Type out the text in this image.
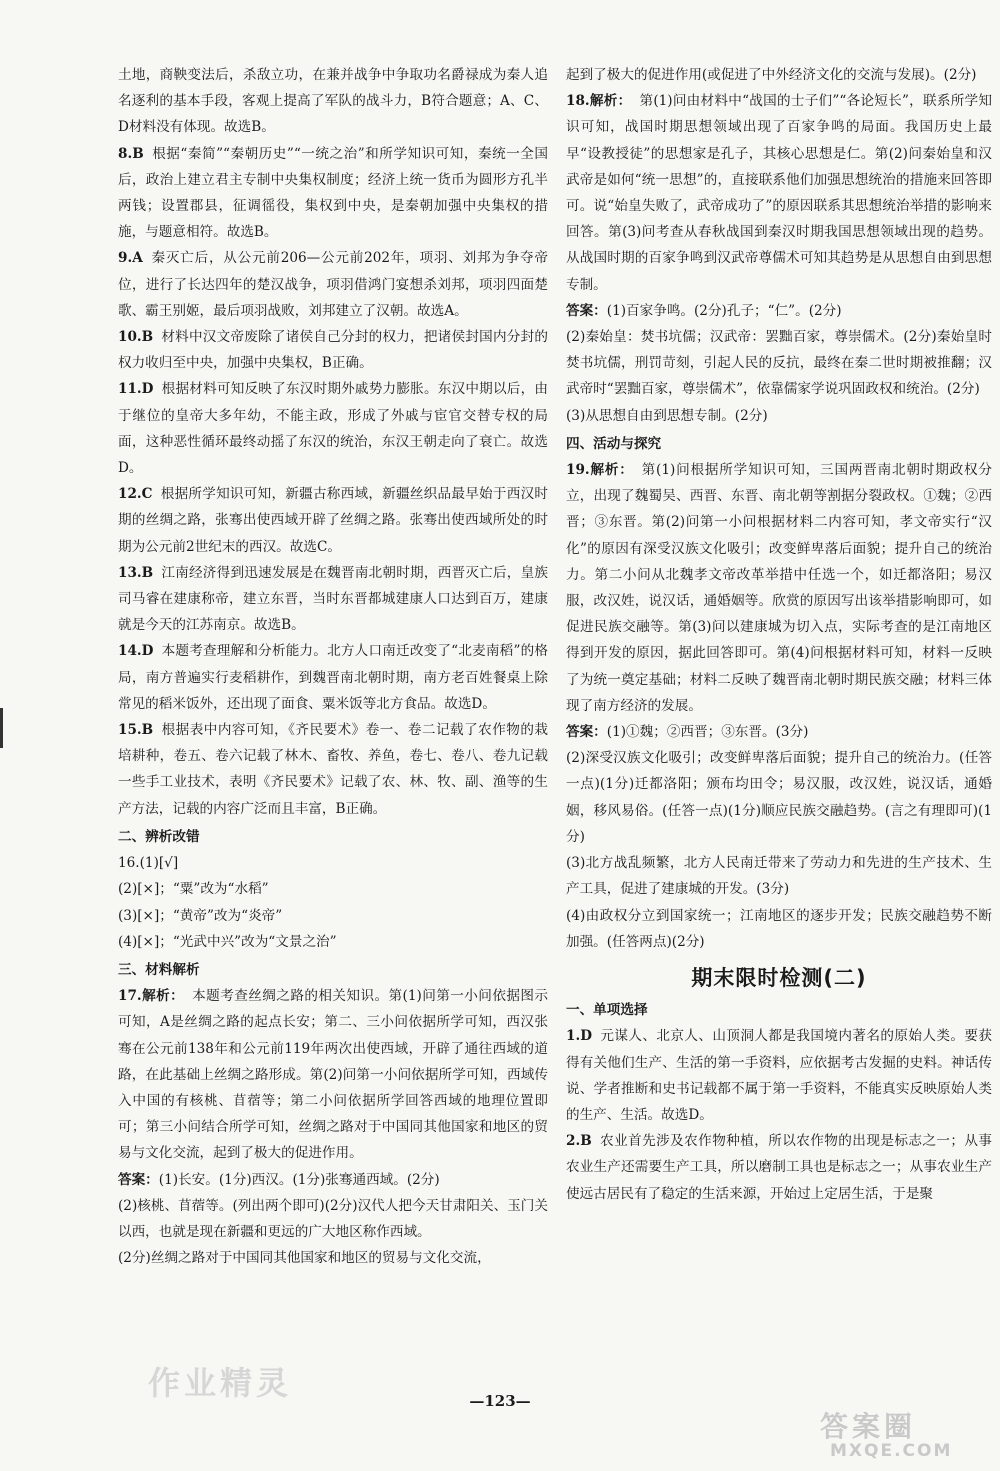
土地，商鞅变法后，杀敌立功，在兼并战争中争取功名爵禄成为秦人追名逐利的基本手段，客观上提高了军队的战斗力，B符合题意；A、C、D材料没有体现。故选B。

8.B 根据“秦简”“秦朝历史”“一统之治”和所学知识可知，秦统一全国后，政治上建立君主专制中央集权制度；经济上统一货币为圆形方孔半两钱；设置郡县，征调徭役，集权到中央，是秦朝加强中央集权的措施，与题意相符。故选B。

9.A 秦灭亡后，从公元前206—公元前202年，项羽、刘邦为争夺帝位，进行了长达四年的楚汉战争，项羽借鸿门宴想杀刘邦，项羽四面楚歌、霸王别姬，最后项羽战败，刘邦建立了汉朝。故选A。

10.B 材料中汉文帝废除了诸侯自己分封的权力，把诸侯封国内分封的权力收归至中央，加强中央集权，B正确。

11.D 根据材料可知反映了东汉时期外戚势力膨胀。东汉中期以后，由于继位的皇帝大多年幼，不能主政，形成了外戚与宦官交替专权的局面，这种恶性循环最终动摇了东汉的统治，东汉王朝走向了衰亡。故选D。

12.C 根据所学知识可知，新疆古称西域，新疆丝织品最早始于西汉时期的丝绸之路，张骞出使西域开辟了丝绸之路。张骞出使西域所处的时期为公元前2世纪末的西汉。故选C。

13.B 江南经济得到迅速发展是在魏晋南北朝时期，西晋灭亡后，皇族司马睿在建康称帝，建立东晋，当时东晋都城建康人口达到百万，建康就是今天的江苏南京。故选B。

14.D 本题考查理解和分析能力。北方人口南迁改变了“北麦南稻”的格局，南方普遍实行麦稻耕作，到魏晋南北朝时期，南方老百姓餐桌上除常见的稻米饭外，还出现了面食、粟米饭等北方食品。故选D。

15.B 根据表中内容可知，《齐民要术》卷一、卷二记载了农作物的栽培耕种，卷五、卷六记载了林木、畜牧、养鱼，卷七、卷八、卷九记载一些手工业技术，表明《齐民要术》记载了农、林、牧、副、渔等的生产方法，记载的内容广泛而且丰富，B正确。

二、辨析改错

16.(1)[√]

(2)[×]；“粟”改为“水稻”

(3)[×]；“黄帝”改为“炎帝”

(4)[×]；“光武中兴”改为“文景之治”

三、材料解析

17.解析： 本题考查丝绸之路的相关知识。第(1)问第一小问依据图示可知，A是丝绸之路的起点长安；第二、三小问依据所学可知，西汉张骞在公元前138年和公元前119年两次出使西域，开辟了通往西域的道路，在此基础上丝绸之路形成。第(2)问第一小问依据所学可知，西域传入中国的有核桃、苜蓿等；第二小问依据所学回答西域的地理位置即可；第三小问结合所学可知，丝绸之路对于中国同其他国家和地区的贸易与文化交流，起到了极大的促进作用。

答案：(1)长安。(1分)西汉。(1分)张骞通西域。(2分)

(2)核桃、苜蓿等。(列出两个即可)(2分)汉代人把今天甘肃阳关、玉门关以西，也就是现在新疆和更远的广大地区称作西域。

(2分)丝绸之路对于中国同其他国家和地区的贸易与文化交流，

起到了极大的促进作用(或促进了中外经济文化的交流与发展)。(2分)

18.解析： 第(1)问由材料中“战国的士子们”“各论短长”，联系所学知识可知，战国时期思想领域出现了百家争鸣的局面。我国历史上最早“设教授徒”的思想家是孔子，其核心思想是仁。第(2)问秦始皇和汉武帝是如何“统一思想”的，直接联系他们加强思想统治的措施来回答即可。说“始皇失败了，武帝成功了”的原因联系其思想统治举措的影响来回答。第(3)问考查从春秋战国到秦汉时期我国思想领域出现的趋势。从战国时期的百家争鸣到汉武帝尊儒术可知其趋势是从思想自由到思想专制。

答案：(1)百家争鸣。(2分)孔子；“仁”。(2分)

(2)秦始皇：焚书坑儒；汉武帝：罢黜百家，尊崇儒术。(2分)秦始皇时焚书坑儒，刑罚苛刻，引起人民的反抗，最终在秦二世时期被推翻；汉武帝时“罢黜百家，尊崇儒术”，依靠儒家学说巩固政权和统治。(2分)

(3)从思想自由到思想专制。(2分)

四、活动与探究

19.解析： 第(1)问根据所学知识可知，三国两晋南北朝时期政权分立，出现了魏蜀吴、西晋、东晋、南北朝等割据分裂政权。①魏；②西晋；③东晋。第(2)问第一小问根据材料二内容可知，孝文帝实行“汉化”的原因有深受汉族文化吸引；改变鲜卑落后面貌；提升自己的统治力。第二小问从北魏孝文帝改革举措中任选一个，如迁都洛阳；易汉服，改汉姓，说汉话，通婚姻等。欣赏的原因写出该举措影响即可，如促进民族交融等。第(3)问以建康城为切入点，实际考查的是江南地区得到开发的原因，据此回答即可。第(4)问根据材料可知，材料一反映了为统一奠定基础；材料二反映了魏晋南北朝时期民族交融；材料三体现了南方经济的发展。

答案：(1)①魏；②西晋；③东晋。(3分)

(2)深受汉族文化吸引；改变鲜卑落后面貌；提升自己的统治力。(任答一点)(1分)迁都洛阳；颁布均田令；易汉服，改汉姓，说汉话，通婚姻，移风易俗。(任答一点)(1分)顺应民族交融趋势。(言之有理即可)(1分)

(3)北方战乱频繁，北方人民南迁带来了劳动力和先进的生产技术、生产工具，促进了建康城的开发。(3分)

(4)由政权分立到国家统一；江南地区的逐步开发；民族交融趋势不断加强。(任答两点)(2分)

期末限时检测(二)

一、单项选择

1.D 元谋人、北京人、山顶洞人都是我国境内著名的原始人类。要获得有关他们生产、生活的第一手资料，应依据考古发掘的史料。神话传说、学者推断和史书记载都不属于第一手资料，不能真实反映原始人类的生产、生活。故选D。

2.B 农业首先涉及农作物种植，所以农作物的出现是标志之一；从事农业生产还需要生产工具，所以磨制工具也是标志之一；从事农业生产使远古居民有了稳定的生活来源，开始过上定居生活，于是聚

作业精灵	—123—
答案圈
MXQE.COM
